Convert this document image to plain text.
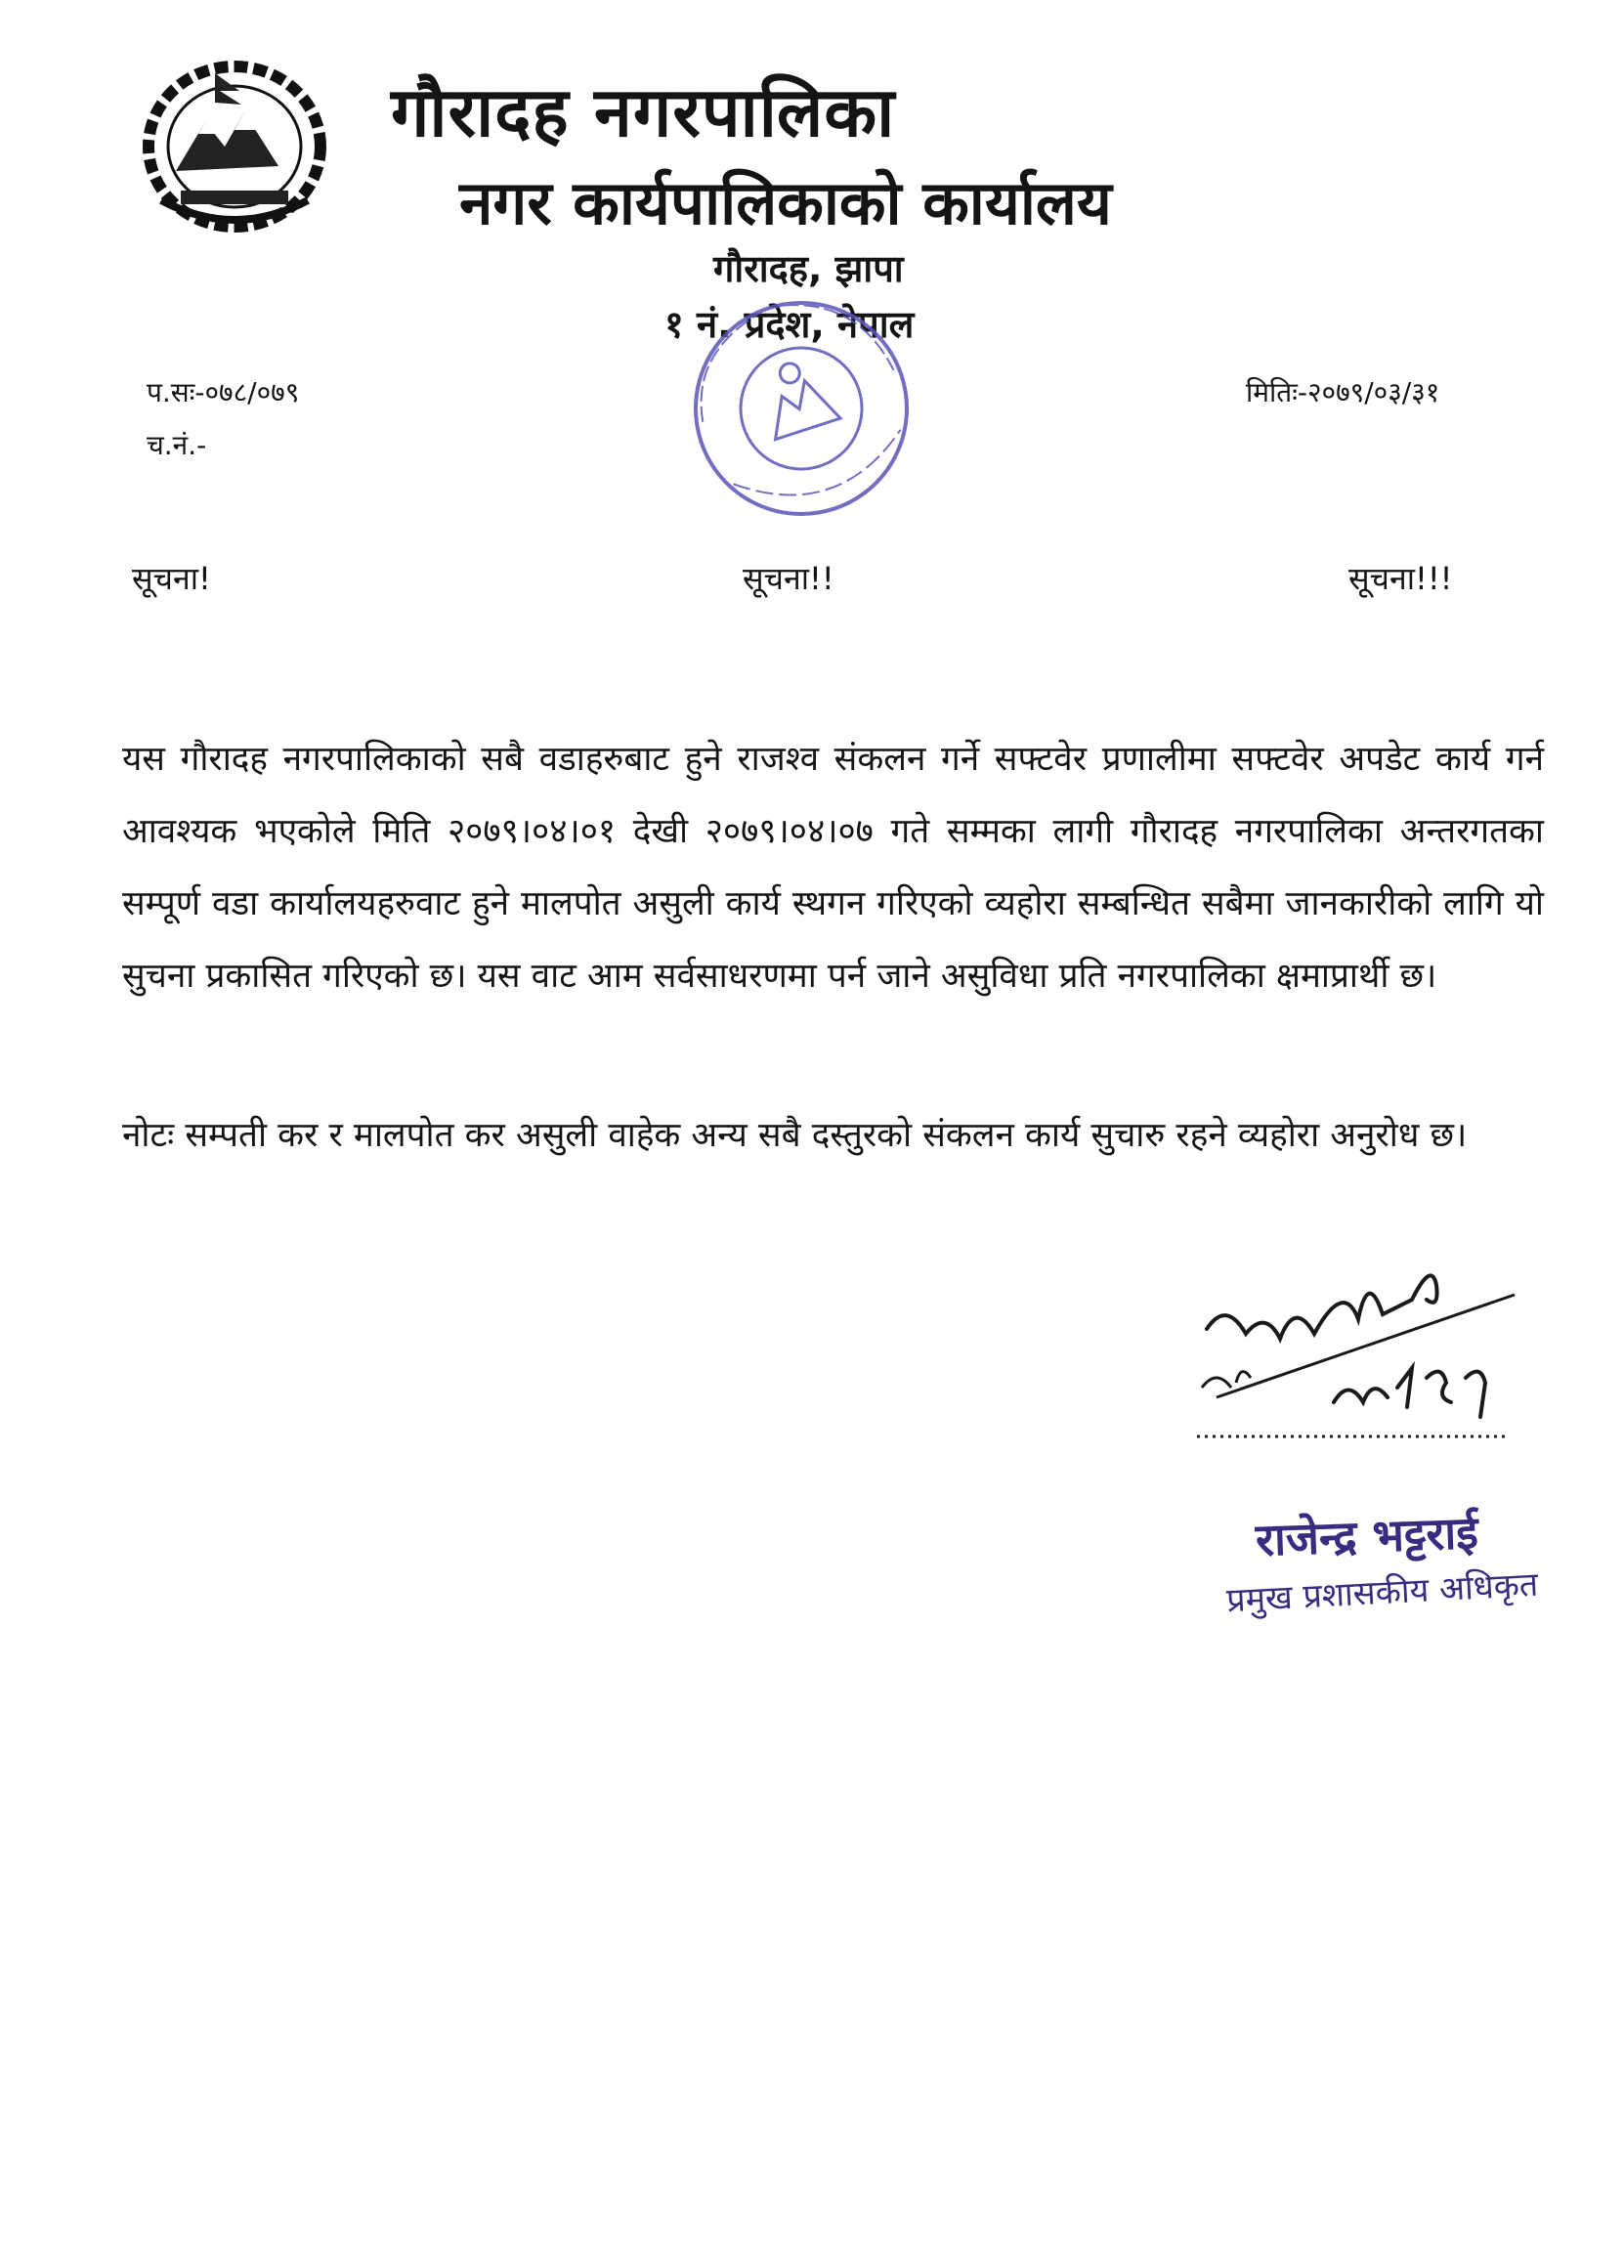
गौरादह नगरपालिका
नगर कार्यपालिकाको कार्यालय
गौरादह, झापा
१ नं. प्रदेश, नेपाल
प.सः-०७८/०७९
च.नं.-
मितिः-२०७९/०३/३१
सूचना!	सूचना!!	सूचना!!!
यस गौरादह नगरपालिकाको सबै वडाहरुबाट हुने राजश्व संकलन गर्ने सफ्टवेर प्रणालीमा सफ्टवेर अपडेट कार्य गर्न आवश्यक भएकोले मिति २०७९।०४।०१ देखी २०७९।०४।०७ गते सम्मका लागी गौरादह नगरपालिका अन्तरगतका सम्पूर्ण वडा कार्यालयहरुवाट हुने मालपोत असुली कार्य स्थगन गरिएको व्यहोरा सम्बन्धित सबैमा जानकारीको लागि यो सुचना प्रकासित गरिएको छ। यस वाट आम सर्वसाधरणमा पर्न जाने असुविधा प्रति नगरपालिका क्षमाप्रार्थी छ।
नोटः सम्पती कर र मालपोत कर असुली वाहेक अन्य सबै दस्तुरको संकलन कार्य सुचारु रहने व्यहोरा अनुरोध छ।
राजेन्द्र भट्टराई
प्रमुख प्रशासकीय अधिकृत
